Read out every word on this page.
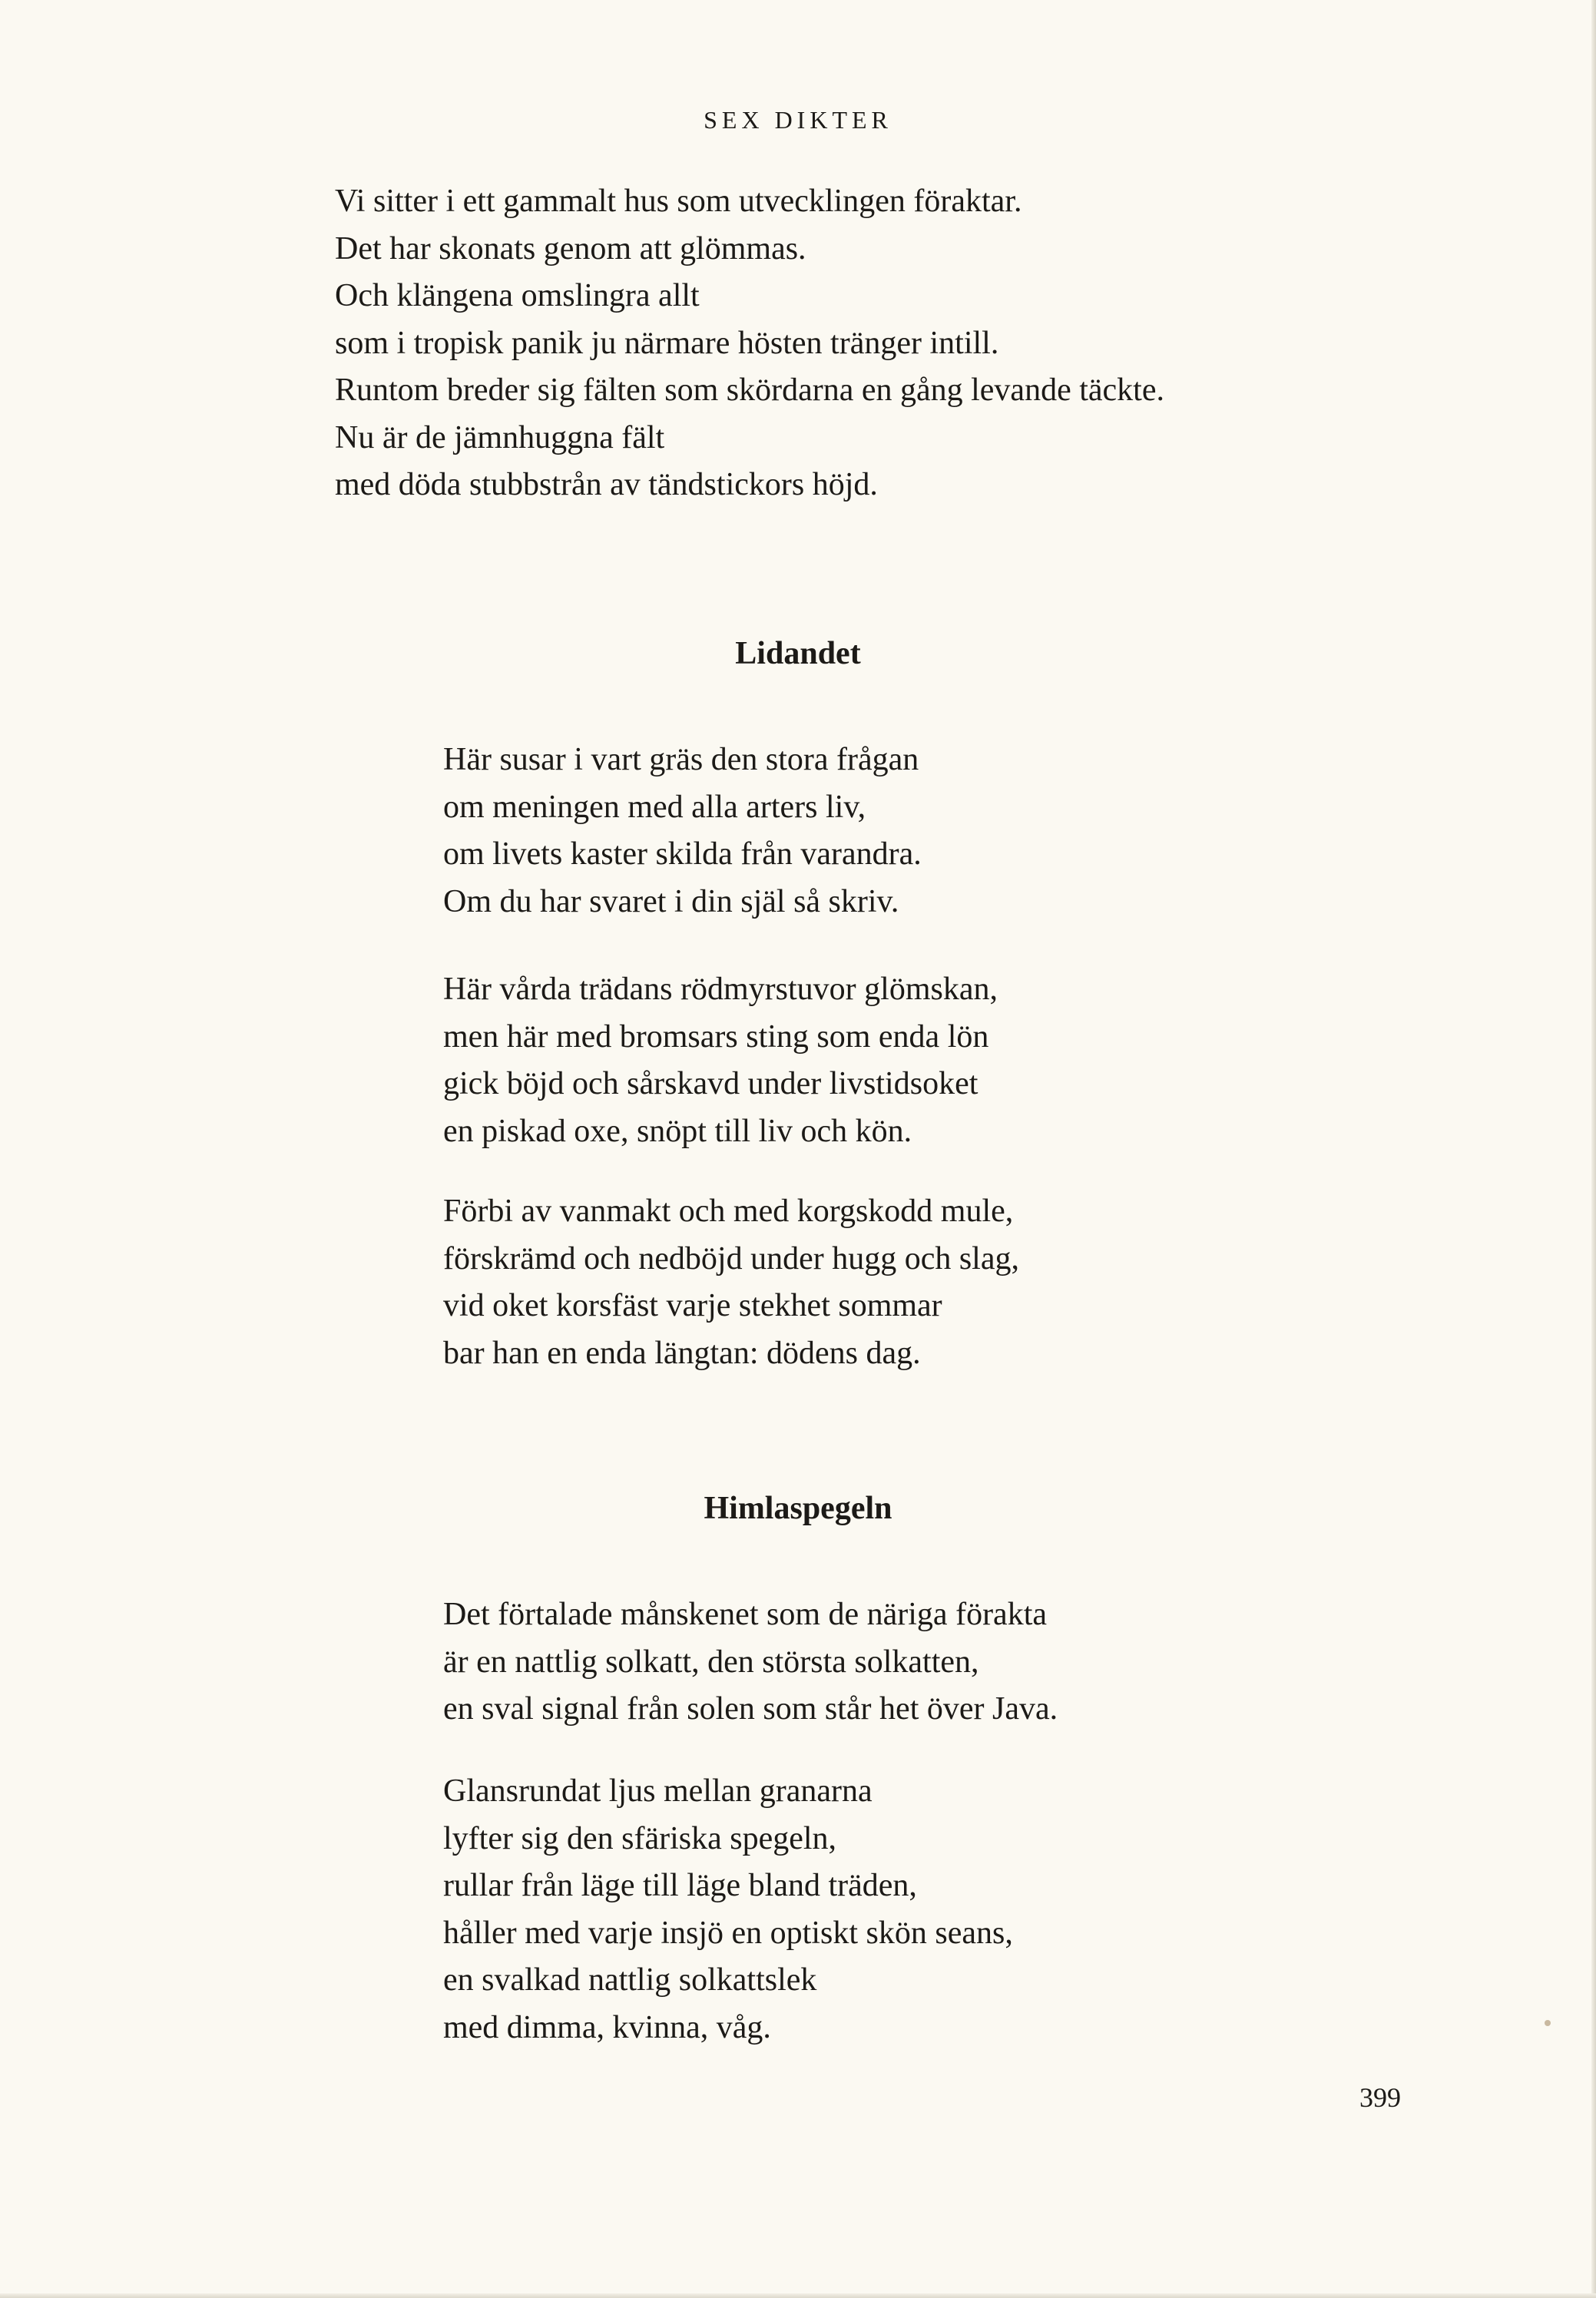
SEX DIKTER
Vi sitter i ett gammalt hus som utvecklingen föraktar.
Det har skonats genom att glömmas.
Och klängena omslingra allt
som i tropisk panik ju närmare hösten tränger intill.
Runtom breder sig fälten som skördarna en gång levande täckte.
Nu är de jämnhuggna fält
med döda stubbstrån av tändstickors höjd.
Lidandet
Här susar i vart gräs den stora frågan
om meningen med alla arters liv,
om livets kaster skilda från varandra.
Om du har svaret i din själ så skriv.
Här vårda trädans rödmyrstuvor glömskan,
men här med bromsars sting som enda lön
gick böjd och sårskavd under livstidsoket
en piskad oxe, snöpt till liv och kön.
Förbi av vanmakt och med korgskodd mule,
förskrämd och nedböjd under hugg och slag,
vid oket korsfäst varje stekhet sommar
bar han en enda längtan: dödens dag.
Himlaspegeln
Det förtalade månskenet som de näriga förakta
är en nattlig solkatt, den största solkatten,
en sval signal från solen som står het över Java.
Glansrundat ljus mellan granarna
lyfter sig den sfäriska spegeln,
rullar från läge till läge bland träden,
håller med varje insjö en optiskt skön seans,
en svalkad nattlig solkattslek
med dimma, kvinna, våg.
399
